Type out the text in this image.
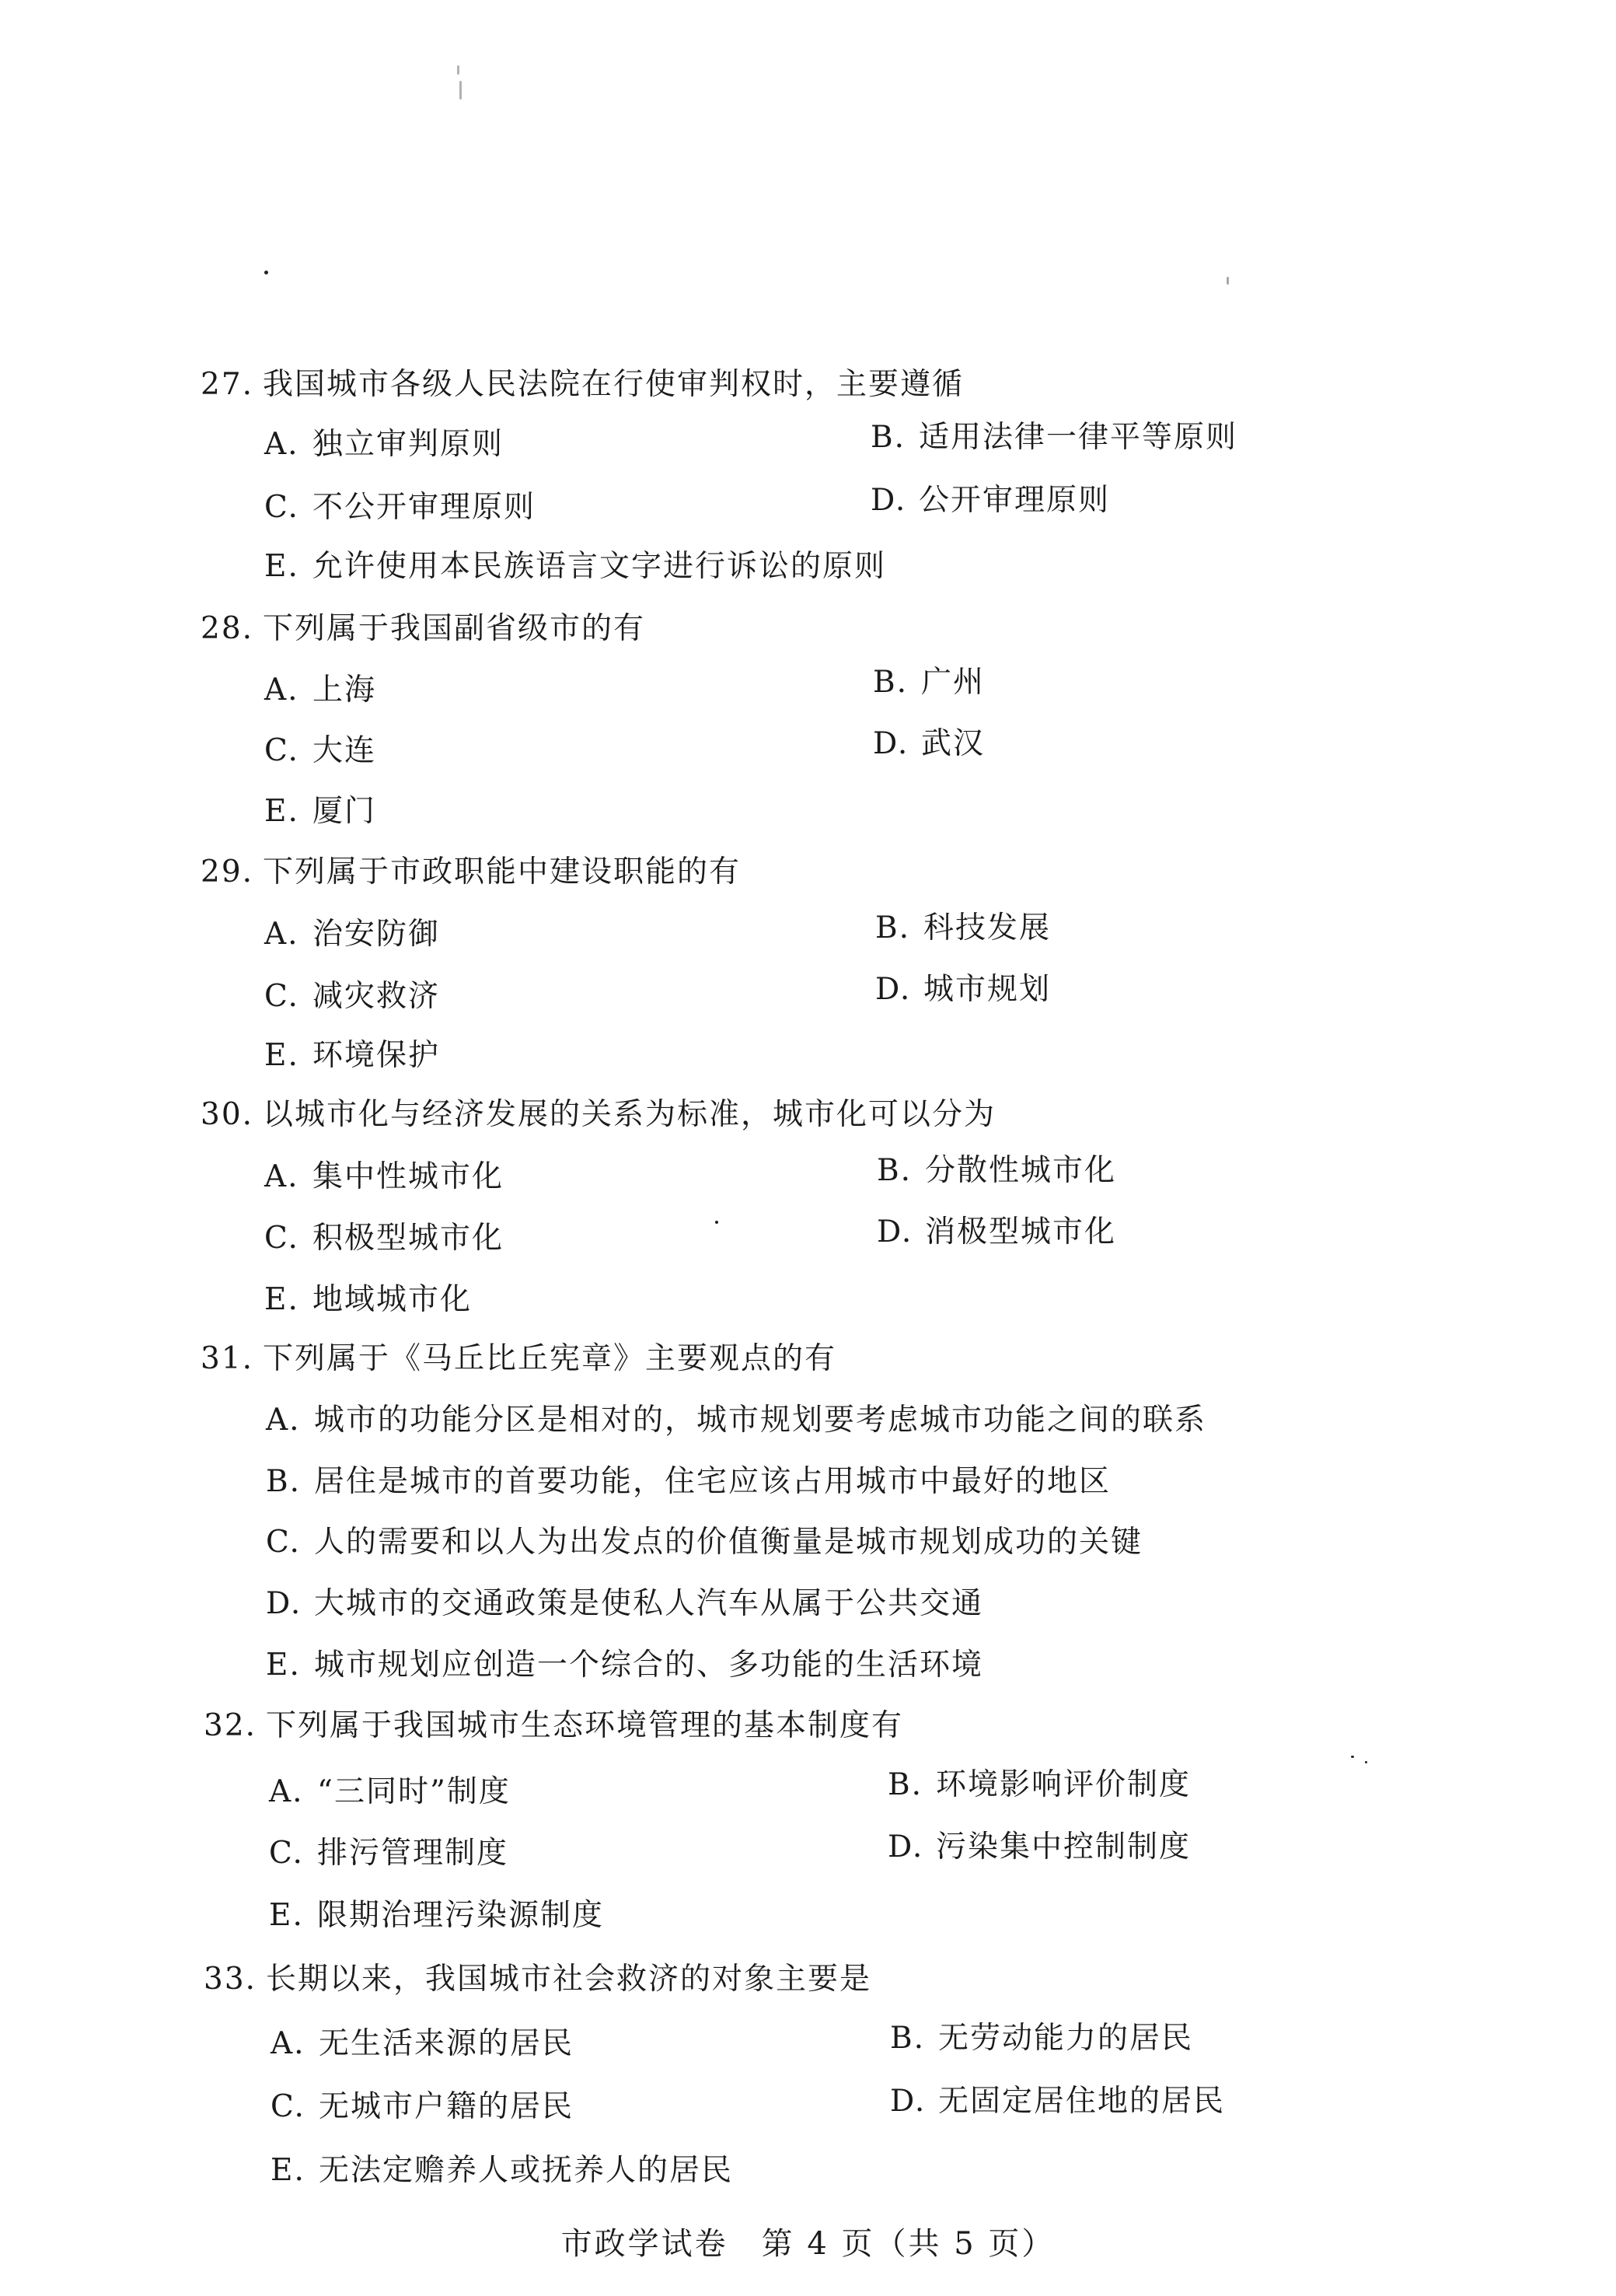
27. 我国城市各级人民法院在行使审判权时，主要遵循
A. 独立审判原则	B. 适用法律一律平等原则
C. 不公开审理原则	D. 公开审理原则
E. 允许使用本民族语言文字进行诉讼的原则
28. 下列属于我国副省级市的有
A. 上海	B. 广州
C. 大连	D. 武汉
E. 厦门
29. 下列属于市政职能中建设职能的有
A. 治安防御	B. 科技发展
C. 减灾救济	D. 城市规划
E. 环境保护
30. 以城市化与经济发展的关系为标准，城市化可以分为
A. 集中性城市化	B. 分散性城市化
C. 积极型城市化	D. 消极型城市化
E. 地域城市化
31. 下列属于《马丘比丘宪章》主要观点的有
A. 城市的功能分区是相对的，城市规划要考虑城市功能之间的联系
B. 居住是城市的首要功能，住宅应该占用城市中最好的地区
C. 人的需要和以人为出发点的价值衡量是城市规划成功的关键
D. 大城市的交通政策是使私人汽车从属于公共交通
E. 城市规划应创造一个综合的、多功能的生活环境
32. 下列属于我国城市生态环境管理的基本制度有
A. “三同时”制度	B. 环境影响评价制度
C. 排污管理制度	D. 污染集中控制制度
E. 限期治理污染源制度
33. 长期以来，我国城市社会救济的对象主要是
A. 无生活来源的居民	B. 无劳动能力的居民
C. 无城市户籍的居民	D. 无固定居住地的居民
E. 无法定赡养人或抚养人的居民
市政学试卷　第 4 页（共 5 页）
